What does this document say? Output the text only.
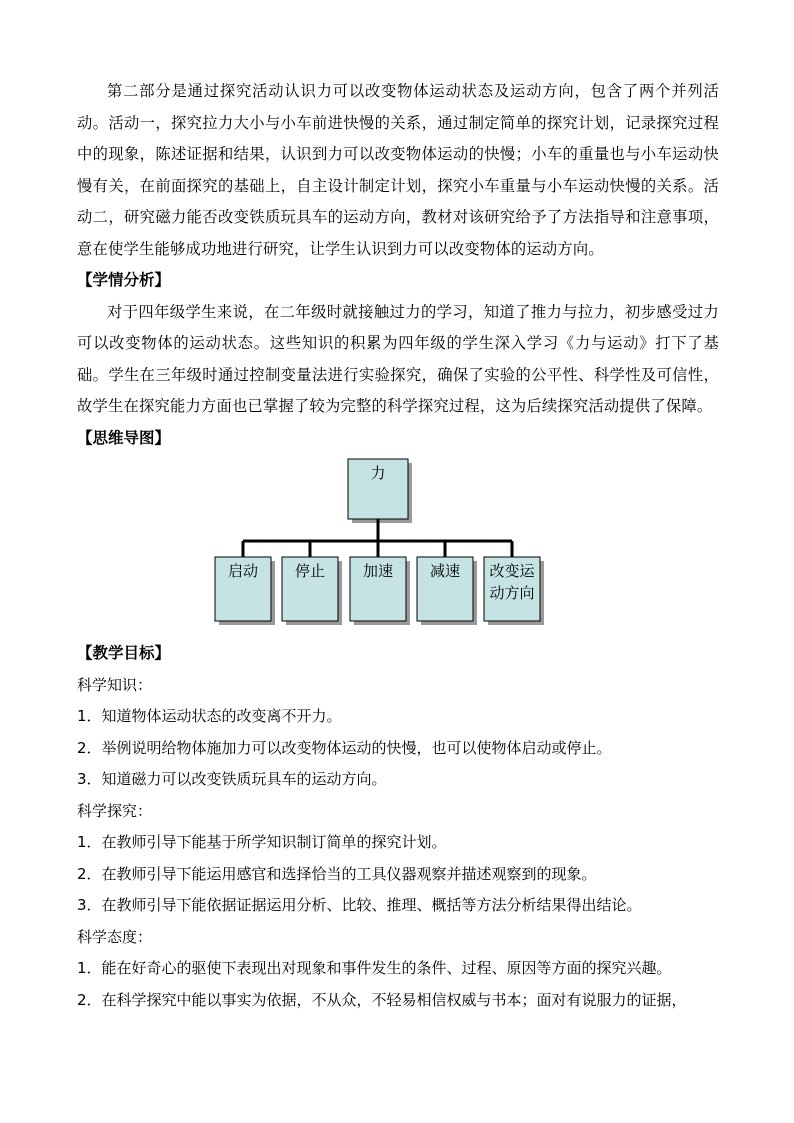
第二部分是通过探究活动认识力可以改变物体运动状态及运动方向，包含了两个并列活动。活动一，探究拉力大小与小车前进快慢的关系，通过制定简单的探究计划，记录探究过程中的现象，陈述证据和结果，认识到力可以改变物体运动的快慢；小车的重量也与小车运动快慢有关，在前面探究的基础上，自主设计制定计划，探究小车重量与小车运动快慢的关系。活动二，研究磁力能否改变铁质玩具车的运动方向，教材对该研究给予了方法指导和注意事项，意在使学生能够成功地进行研究，让学生认识到力可以改变物体的运动方向。

【学情分析】

对于四年级学生来说，在二年级时就接触过力的学习，知道了推力与拉力，初步感受过力可以改变物体的运动状态。这些知识的积累为四年级的学生深入学习《力与运动》打下了基础。学生在三年级时通过控制变量法进行实验探究，确保了实验的公平性、科学性及可信性，故学生在探究能力方面也已掌握了较为完整的科学探究过程，这为后续探究活动提供了保障。

【思维导图】

力
启动	停止	加速	减速	改变运动方向

【教学目标】

科学知识：

1．知道物体运动状态的改变离不开力。

2．举例说明给物体施加力可以改变物体运动的快慢，也可以使物体启动或停止。

3．知道磁力可以改变铁质玩具车的运动方向。

科学探究：

1．在教师引导下能基于所学知识制订简单的探究计划。

2．在教师引导下能运用感官和选择恰当的工具仪器观察并描述观察到的现象。

3．在教师引导下能依据证据运用分析、比较、推理、概括等方法分析结果得出结论。

科学态度：

1．能在好奇心的驱使下表现出对现象和事件发生的条件、过程、原因等方面的探究兴趣。

2．在科学探究中能以事实为依据，不从众，不轻易相信权威与书本；面对有说服力的证据，
